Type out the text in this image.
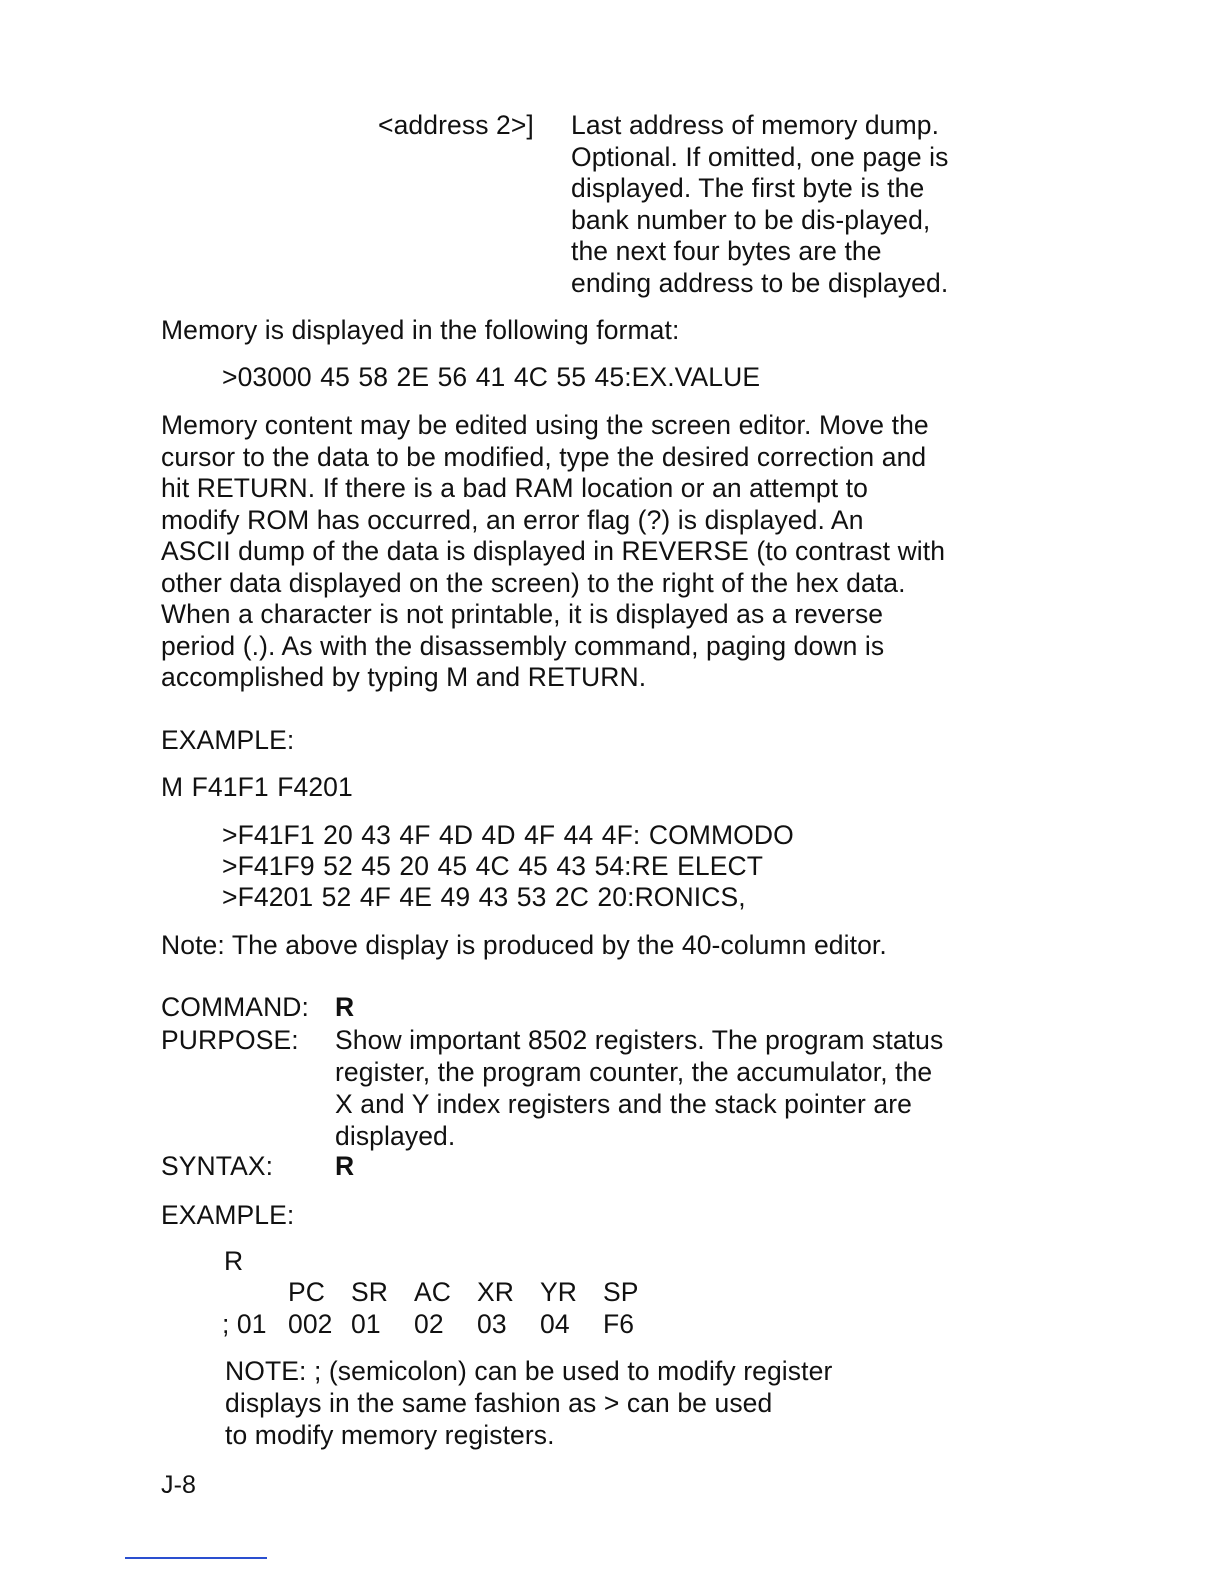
<address 2>] Last address of memory dump.
Optional. If omitted, one page is
displayed. The first byte is the
bank number to be dis-played,
the next four bytes are the
ending address to be displayed.
Memory is displayed in the following format:
>03000 45 58 2E 56 41 4C 55 45:EX.VALUE
Memory content may be edited using the screen editor. Move the
cursor to the data to be modified, type the desired correction and
hit RETURN. If there is a bad RAM location or an attempt to
modify ROM has occurred, an error flag (?) is displayed. An
ASCII dump of the data is displayed in REVERSE (to contrast with
other data displayed on the screen) to the right of the hex data.
When a character is not printable, it is displayed as a reverse
period (.). As with the disassembly command, paging down is
accomplished by typing M and RETURN.
EXAMPLE:
M F41F1 F4201
>F41F1 20 43 4F 4D 4D 4F 44 4F: COMMODO
>F41F9 52 45 20 45 4C 45 43 54:RE ELECT
>F4201 52 4F 4E 49 43 53 2C 20:RONICS,
Note: The above display is produced by the 40-column editor.
COMMAND: R
PURPOSE: Show important 8502 registers. The program status
register, the program counter, the accumulator, the
X and Y index registers and the stack pointer are
displayed.
SYNTAX: R
EXAMPLE:
R
PC SR AC XR YR SP
; 01 002 01 02 03 04 F6
NOTE: ; (semicolon) can be used to modify register
displays in the same fashion as > can be used
to modify memory registers.
J-8
